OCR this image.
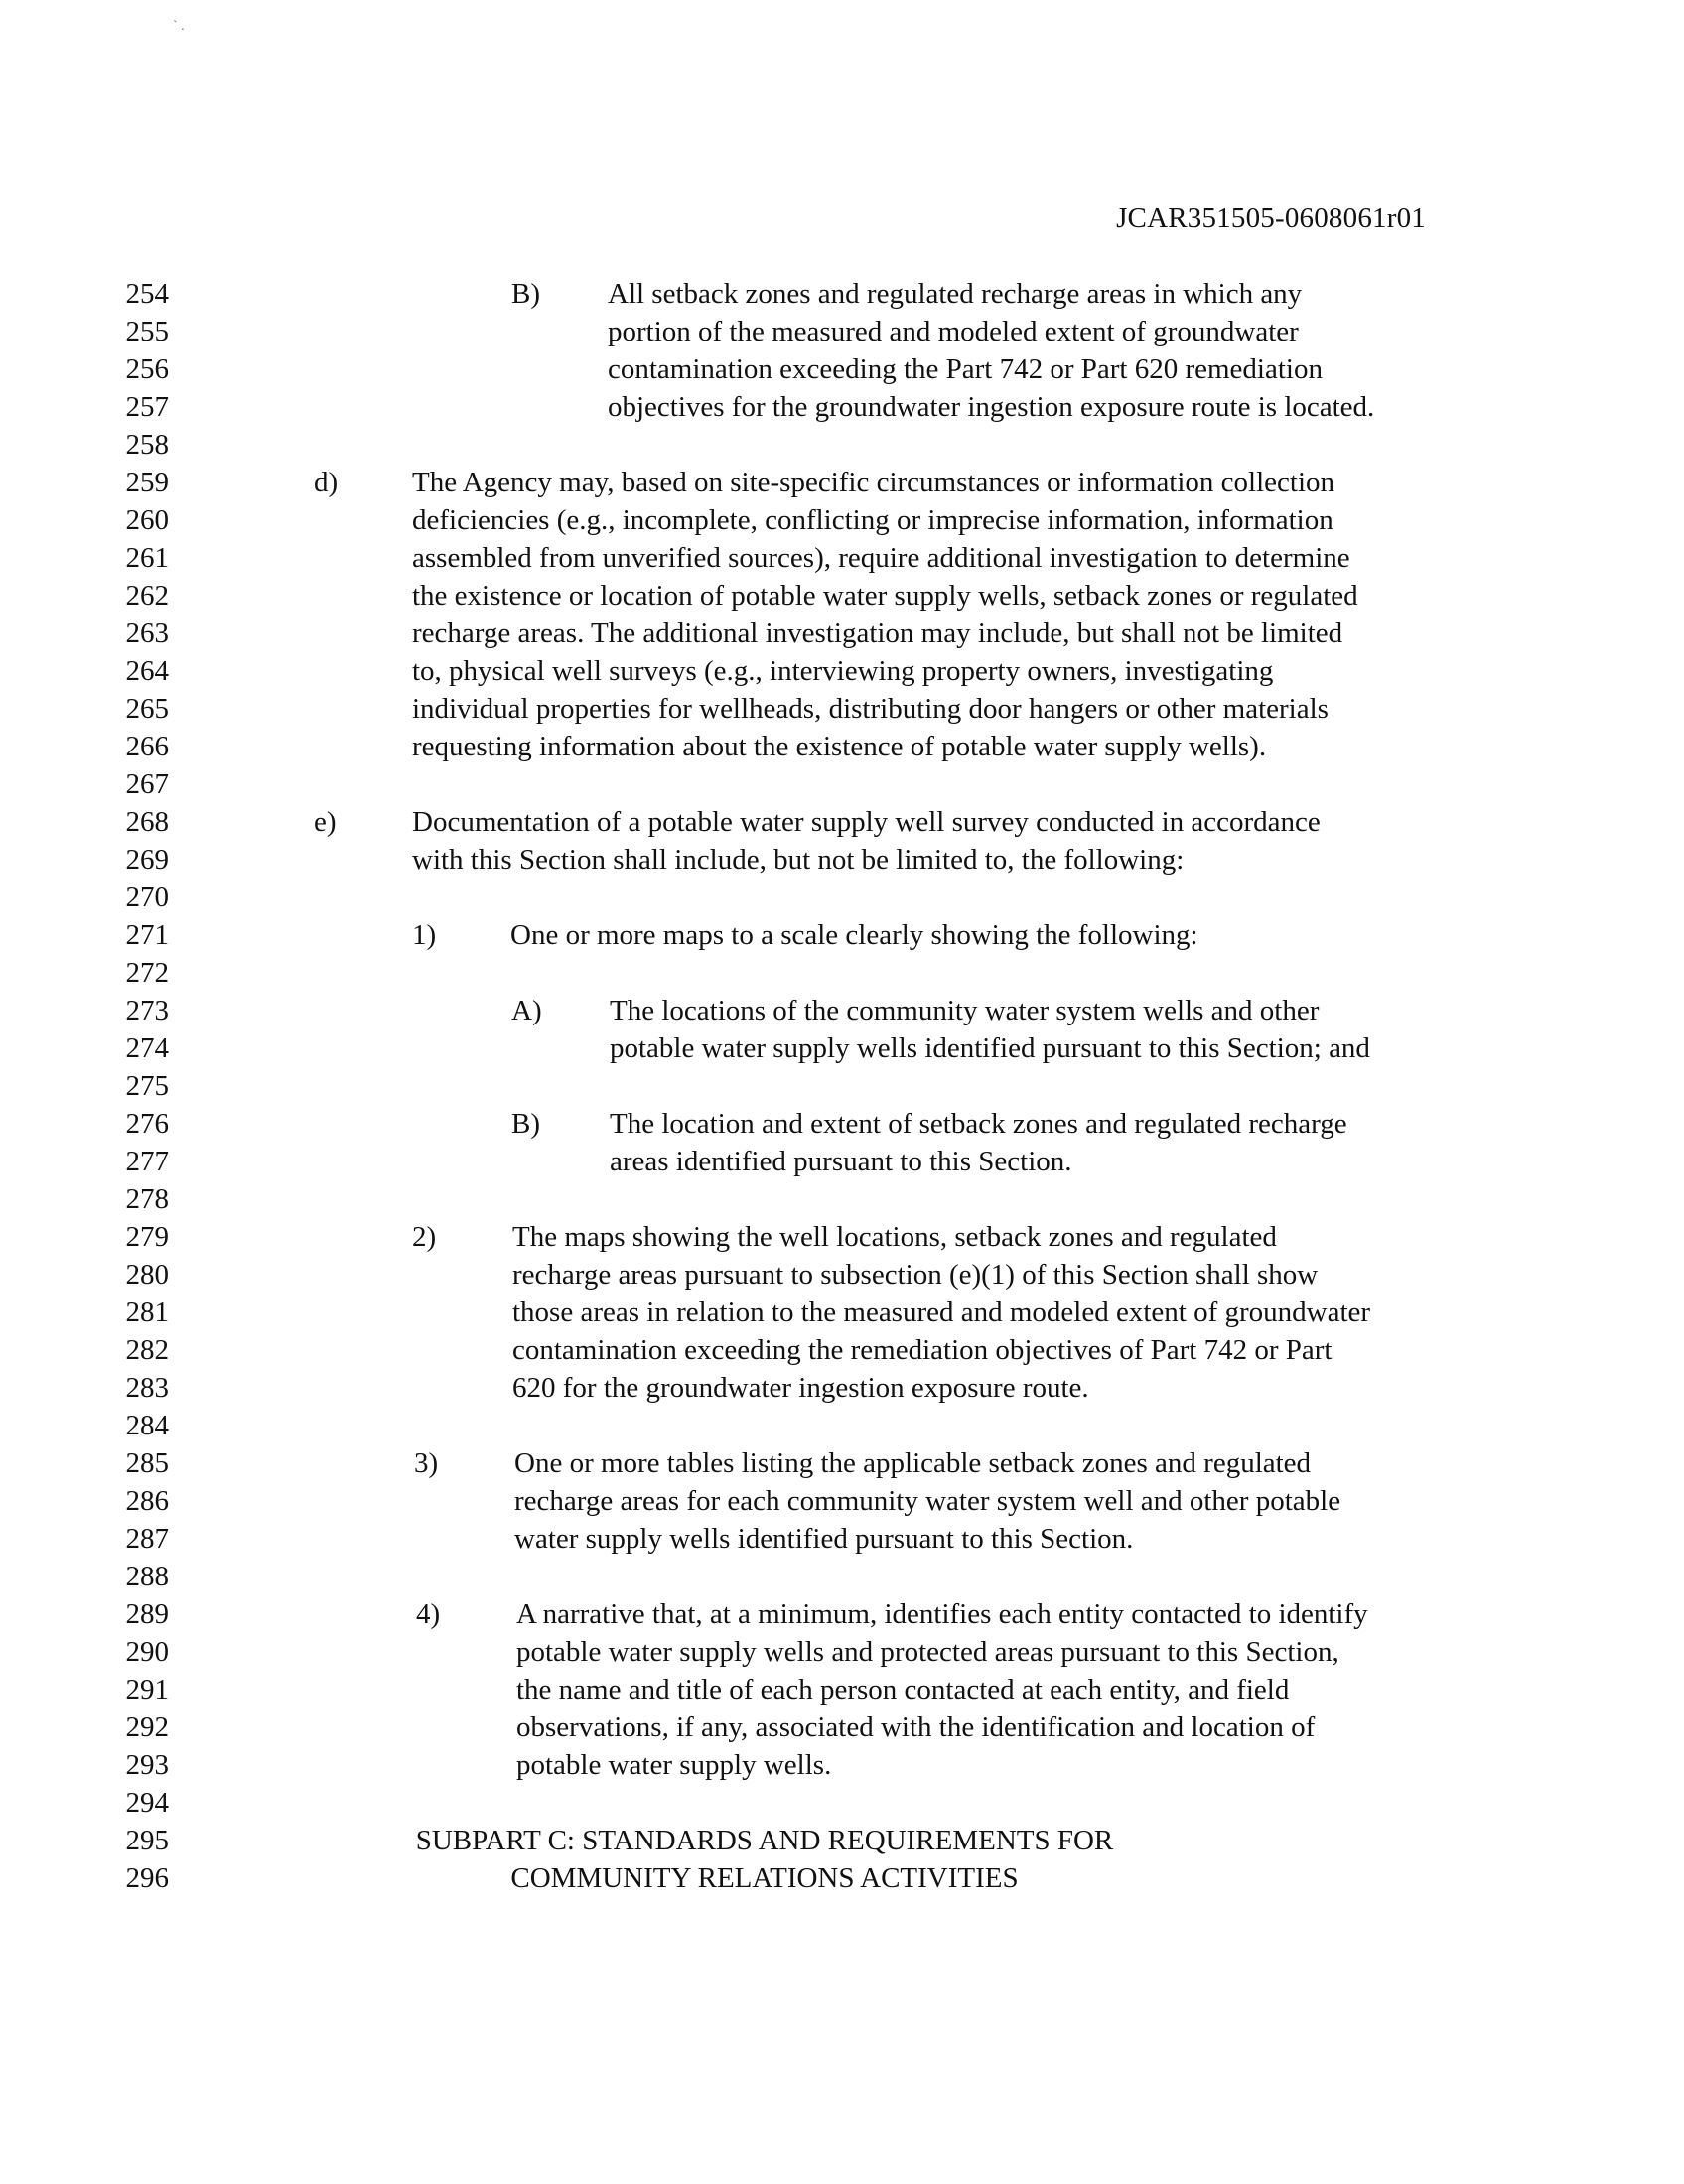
` .
JCAR351505-0608061r01
254	B) All setback zones and regulated recharge areas in which any
255	portion of the measured and modeled extent of groundwater
256	contamination exceeding the Part 742 or Part 620 remediation
257	objectives for the groundwater ingestion exposure route is located.
258
259	d)	The Agency may, based on site-specific circumstances or information collection
260	deficiencies (e.g., incomplete, conflicting or imprecise information, information
261	assembled from unverified sources), require additional investigation to determine
262	the existence or location of potable water supply wells, setback zones or regulated
263	recharge areas. The additional investigation may include, but shall not be limited
264	to, physical well surveys (e.g., interviewing property owners, investigating
265	individual properties for wellheads, distributing door hangers or other materials
266	requesting information about the existence of potable water supply wells).
267
268	e)	Documentation of a potable water supply well survey conducted in accordance
269	with this Section shall include, but not be limited to, the following:
270
271	1)	One or more maps to a scale clearly showing the following:
272
273	A) The locations of the community water system wells and other
274	potable water supply wells identified pursuant to this Section; and
275
276	B) The location and extent of setback zones and regulated recharge
277	areas identified pursuant to this Section.
278
279	2)	The maps showing the well locations, setback zones and regulated
280	recharge areas pursuant to subsection (e)(1) of this Section shall show
281	those areas in relation to the measured and modeled extent of groundwater
282	contamination exceeding the remediation objectives of Part 742 or Part
283	620 for the groundwater ingestion exposure route.
284
285	3)	One or more tables listing the applicable setback zones and regulated
286	recharge areas for each community water system well and other potable
287	water supply wells identified pursuant to this Section.
288
289	4)	A narrative that, at a minimum, identifies each entity contacted to identify
290	potable water supply wells and protected areas pursuant to this Section,
291	the name and title of each person contacted at each entity, and field
292	observations, if any, associated with the identification and location of
293	potable water supply wells.
294
295	SUBPART C: STANDARDS AND REQUIREMENTS FOR
296	COMMUNITY RELATIONS ACTIVITIES
